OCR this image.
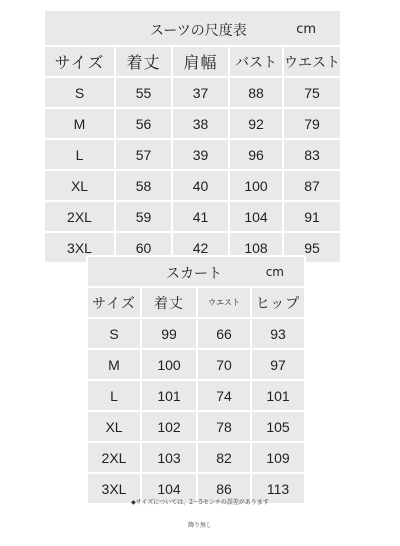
スーツの尺度表 cm				

サイズ	着丈	肩幅	バスト	ウエスト
S	55	37	88	75
M	56	38	92	79
L	57	39	96	83
XL	58	40	100	87
2XL	59	41	104	91
3XL	60	42	108	95
スカート cm			

サイズ	着丈	ウエスト	ヒップ
S	99	66	93
M	100	70	97
L	101	74	101
XL	102	78	105
2XL	103	82	109
3XL	104	86	113
◆サイズについては、2〜5センチの誤差があります
飾り無し
